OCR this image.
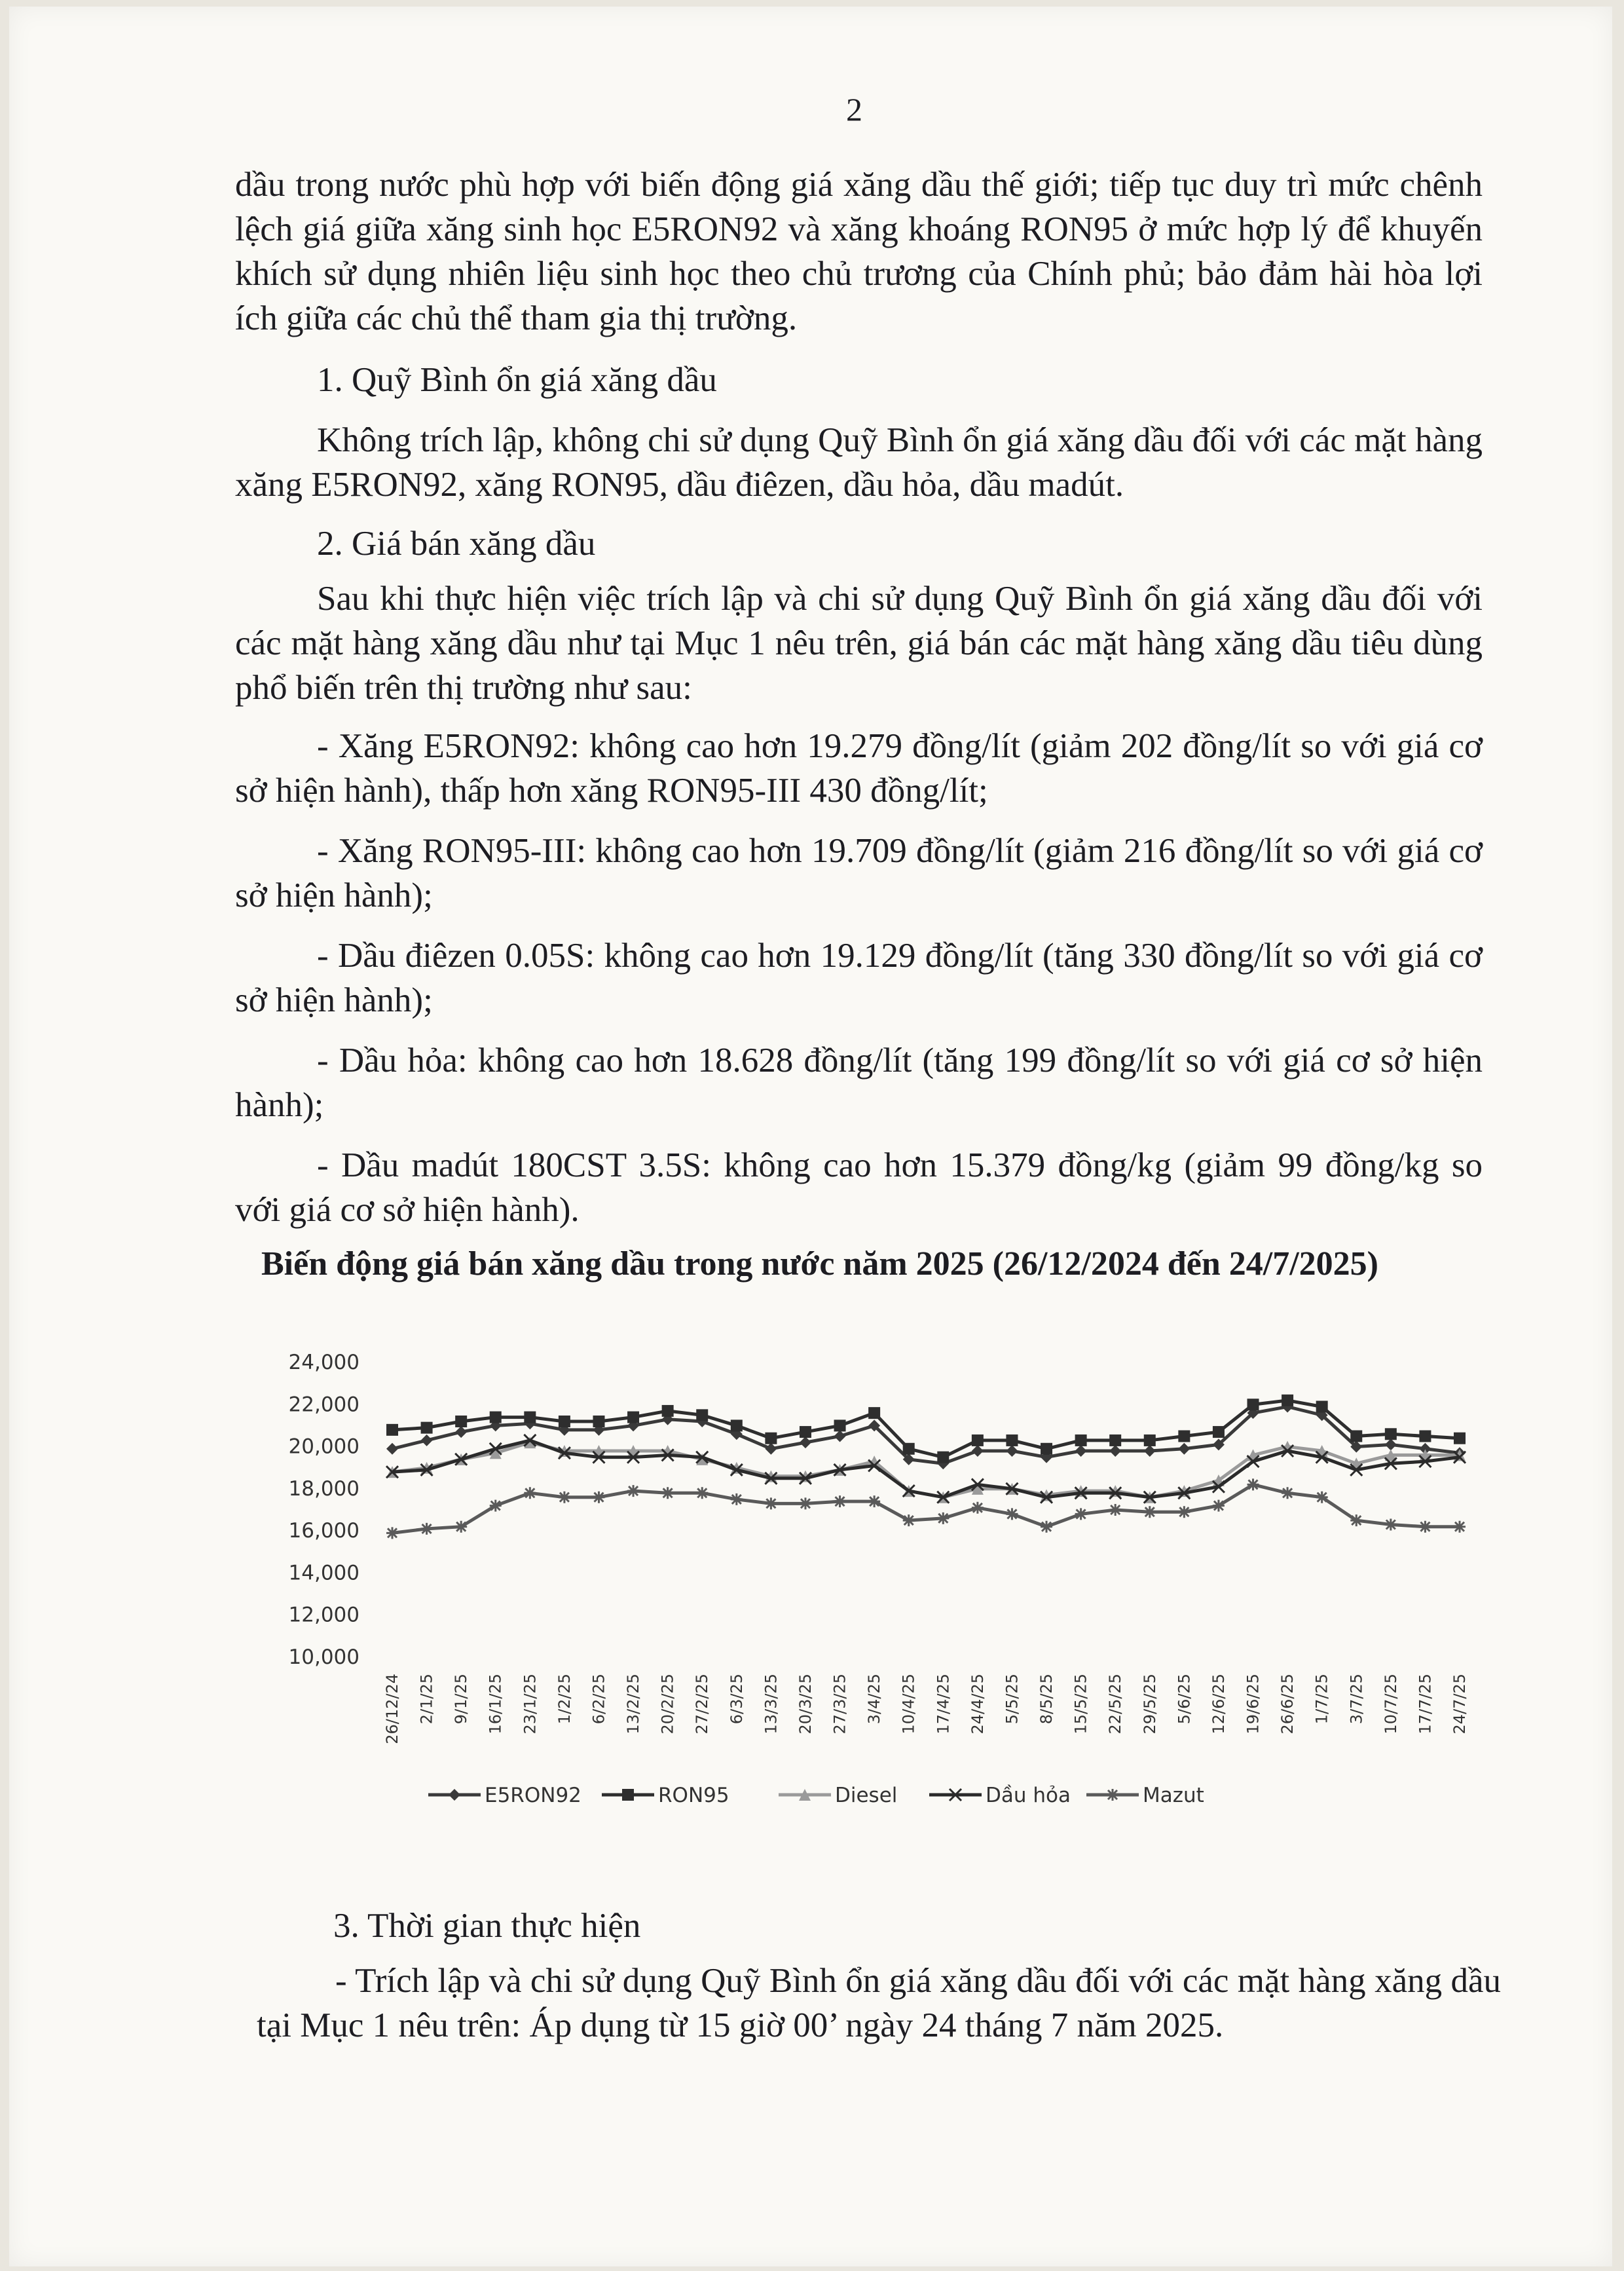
2

dầu trong nước phù hợp với biến động giá xăng dầu thế giới; tiếp tục duy trì mức chênh lệch giá giữa xăng sinh học E5RON92 và xăng khoáng RON95 ở mức hợp lý để khuyến khích sử dụng nhiên liệu sinh học theo chủ trương của Chính phủ; bảo đảm hài hòa lợi ích giữa các chủ thể tham gia thị trường.

1. Quỹ Bình ổn giá xăng dầu

Không trích lập, không chi sử dụng Quỹ Bình ổn giá xăng dầu đối với các mặt hàng xăng E5RON92, xăng RON95, dầu điêzen, dầu hỏa, dầu madút.

2. Giá bán xăng dầu

Sau khi thực hiện việc trích lập và chi sử dụng Quỹ Bình ổn giá xăng dầu đối với các mặt hàng xăng dầu như tại Mục 1 nêu trên, giá bán các mặt hàng xăng dầu tiêu dùng phổ biến trên thị trường như sau:

- Xăng E5RON92: không cao hơn 19.279 đồng/lít (giảm 202 đồng/lít so với giá cơ sở hiện hành), thấp hơn xăng RON95-III 430 đồng/lít;

- Xăng RON95-III: không cao hơn 19.709 đồng/lít (giảm 216 đồng/lít so với giá cơ sở hiện hành);

- Dầu điêzen 0.05S: không cao hơn 19.129 đồng/lít (tăng 330 đồng/lít so với giá cơ sở hiện hành);

- Dầu hỏa: không cao hơn 18.628 đồng/lít (tăng 199 đồng/lít so với giá cơ sở hiện hành);

- Dầu madút 180CST 3.5S: không cao hơn 15.379 đồng/kg (giảm 99 đồng/kg so với giá cơ sở hiện hành).

Biến động giá bán xăng dầu trong nước năm 2025 (26/12/2024 đến 24/7/2025)

10,000
12,000
14,000
16,000
18,000
20,000
22,000
24,000
26/12/24 2/1/25 9/1/25 16/1/25 23/1/25 1/2/25 6/2/25 13/2/25 20/2/25 27/2/25 6/3/25 13/3/25 20/3/25 27/3/25 3/4/25 10/4/25 17/4/25 24/4/25 5/5/25 8/5/25 15/5/25 22/5/25 29/5/25 5/6/25 12/6/25 19/6/25 26/6/25 1/7/25 3/7/25 10/7/25 17/7/25 24/7/25
E5RON92	RON95	Diesel	Dầu hỏa	Mazut

3. Thời gian thực hiện

- Trích lập và chi sử dụng Quỹ Bình ổn giá xăng dầu đối với các mặt hàng xăng dầu tại Mục 1 nêu trên: Áp dụng từ 15 giờ 00’ ngày 24 tháng 7 năm 2025.
